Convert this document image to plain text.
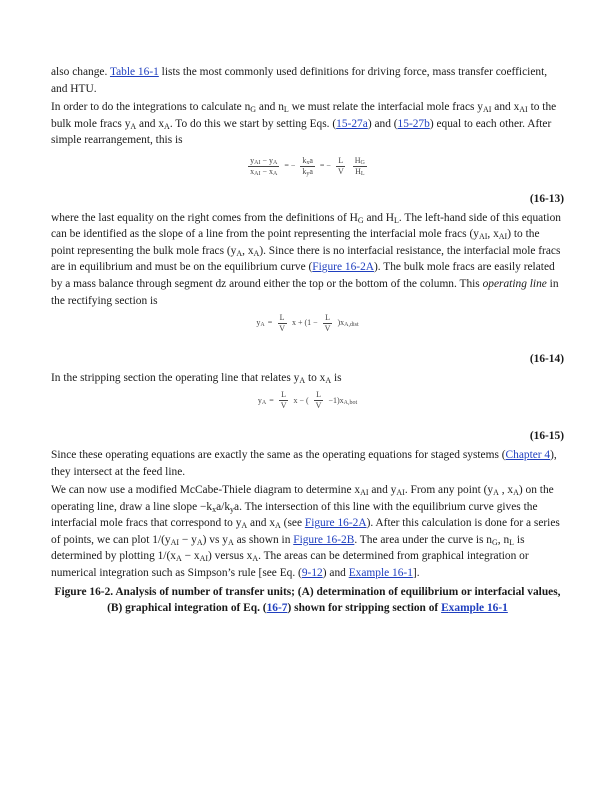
also change. Table 16-1 lists the most commonly used definitions for driving force, mass transfer coefficient, and HTU.

In order to do the integrations to calculate $n_G$ and $n_L$ we must relate the interfacial mole fracs $y_{AI}$ and $x_{AI}$ to the bulk mole fracs $y_A$ and $x_A$. To do this we start by setting Eqs. (15-27a) and (15-27b) equal to each other. After simple rearrangement, this is

$\frac{y_{AI} - y_A}{x_{AI} - x_A}$ = − $\frac{k_xa}{k_ya}$ = − $\frac{L}{V} \frac{H_G}{H_L}$
(16-13)

where the last equality on the right comes from the definitions of $H_G$ and $H_L$. The left-hand side of this equation can be identified as the slope of a line from the point representing the interfacial mole fracs ($y_{AI}$, $x_{AI}$) to the point representing the bulk mole fracs ($y_A$, $x_A$). Since there is no interfacial resistance, the interfacial mole fracs are in equilibrium and must be on the equilibrium curve (Figure 16-2A). The bulk mole fracs are easily related by a mass balance through segment dz around either the top or the bottom of the column. This operating line in the rectifying section is

$y_A = \frac{L}{V}$ $x + (1 - \frac{L}{V} )x_{A,dist}$
(16-14)

In the stripping section the operating line that relates $y_A$ to $x_A$ is

$y_A = \frac{L}{V}$ x − ( $\frac{L}{V} -1)x_{A,bot}$
(16-15)

Since these operating equations are exactly the same as the operating equations for staged systems (Chapter 4), they intersect at the feed line.

We can now use a modified McCabe-Thiele diagram to determine $x_{AI}$ and $y_{AI}$. From any point ($y_A$ , $x_A$) on the operating line, draw a line slope $-k_xa/k_ya$. The intersection of this line with the equilibrium curve gives the interfacial mole fracs that correspond to $y_A$ and $x_A$ (see Figure 16-2A). After this calculation is done for a series of points, we can plot $1/(y_{AI} - y_A)$ vs $y_A$ as shown in Figure 16-2B. The area under the curve is $n_G$, $n_L$ is determined by plotting $1/(x_A - x_{AI})$ versus $x_A$. The areas can be determined from graphical integration or numerical integration such as Simpson’s rule [see Eq. (9-12) and Example 16-1].

Figure 16-2. Analysis of number of transfer units; (A) determination of equilibrium or interfacial values, (B) graphical integration of Eq. (16-7) shown for stripping section of Example 16-1
